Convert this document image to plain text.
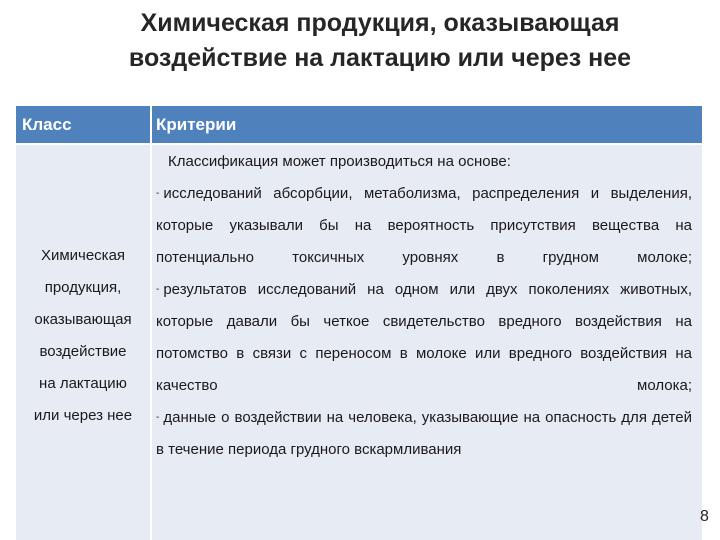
Химическая продукция, оказывающая
воздействие на лактацию или через нее
Класс	Критерии
Химическая
продукция,
оказывающая
воздействие
на лактацию
или через нее

Классификация может производиться на основе:

- исследований абсорбции, метаболизма, распределения и выделения, которые указывали бы на вероятность присутствия вещества на потенциально токсичных уровнях в грудном молоке;

- результатов исследований на одном или двух поколениях животных, которые давали бы четкое свидетельство вредного воздействия на потомство в связи с переносом в молоке или вредного воздействия на качество молока;

- данные о воздействии на человека, указывающие на опасность для детей в течение периода грудного вскармливания

8
